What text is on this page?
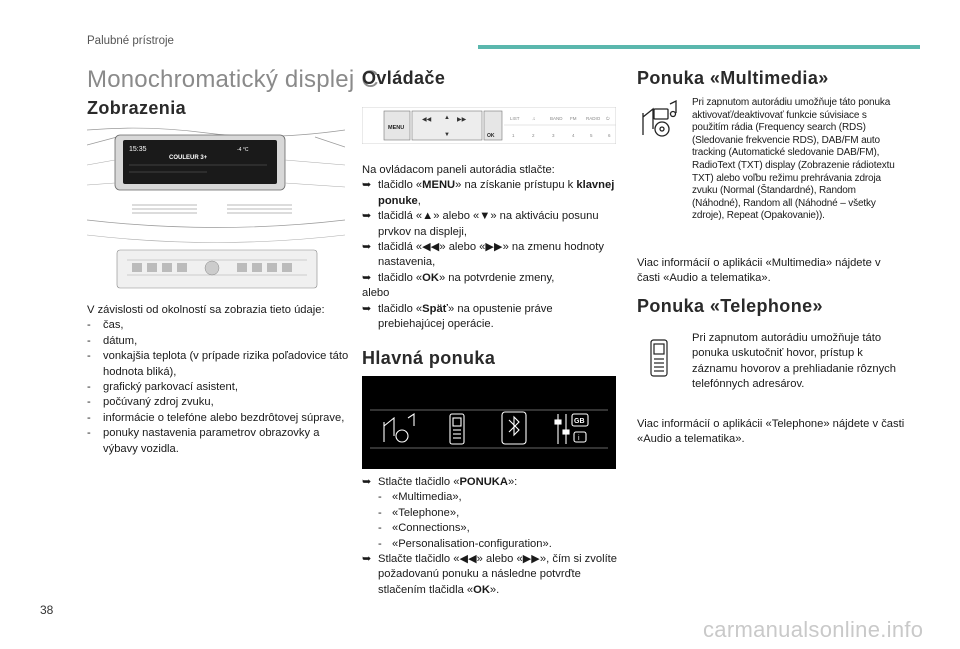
Palubné prístroje
Monochromatický displej C
Zobrazenia
15:35
COULEUR 3+
-4 °C
V závislosti od okolností sa zobrazia tieto údaje:
-	čas,
-	dátum,
-	vonkajšia teplota (v prípade rizika poľadovice táto hodnota bliká),
-	grafický parkovací asistent,
-	počúvaný zdroj zvuku,
-	informácie o telefóne alebo bezdrôtovej súprave,
-	ponuky nastavenia parametrov obrazovky a výbavy vozidla.
Ovládače
MENU
◀◀ ▲ ▶▶
▼	OK
LIST	♫	BAND FM RADIO ⏻
1	2	3	4	5	6
Na ovládacom paneli autorádia stlačte:
➥ tlačidlo «MENU» na získanie prístupu k klavnej ponuke,
➥ tlačidlá «▲» alebo «▼» na aktiváciu posunu prvkov na displeji,
➥ tlačidlá «◀◀» alebo «▶▶» na zmenu hodnoty nastavenia,
➥ tlačidlo «OK» na potvrdenie zmeny,
alebo
➥ tlačidlo «Späť» na opustenie práve prebiehajúcej operácie.
Hlavná ponuka
GB
i
➥ Stlačte tlačidlo «PONUKA»:
- «Multimedia»,
- «Telephone»,
- «Connections»,
- «Personalisation-configuration».
➥ Stlačte tlačidlo «◀◀» alebo «▶▶», čím si zvolíte požadovanú ponuku a následne potvrďte stlačením tlačidla «OK».
Ponuka «Multimedia»
Pri zapnutom autorádiu umožňuje táto ponuka aktivovať/deaktivovať funkcie súvisiace s použitím rádia (Frequency search (RDS) (Sledovanie frekvencie RDS), DAB/FM auto tracking (Automatické sledovanie DAB/FM), RadioText (TXT) display (Zobrazenie rádiotextu TXT) alebo voľbu režimu prehrávania zdroja zvuku (Normal (Štandardné), Random (Náhodné), Random all (Náhodné – všetky zdroje), Repeat (Opakovanie)).
Viac informácií o aplikácii «Multimedia» nájdete v časti «Audio a telematika».
Ponuka «Telephone»
Pri zapnutom autorádiu umožňuje táto ponuka uskutočniť hovor, prístup k záznamu hovorov a prehliadanie rôznych telefónnych adresárov.
Viac informácií o aplikácii «Telephone» nájdete v časti «Audio a telematika».
38
carmanualsonline.info
